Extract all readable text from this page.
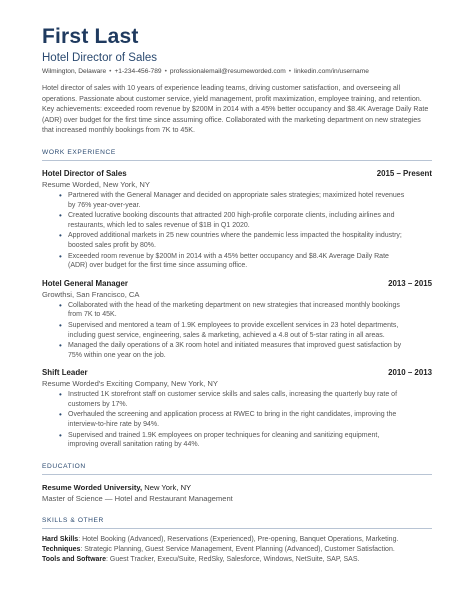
First Last
Hotel Director of Sales
Wilmington, Delaware • +1-234-456-789 • professionalemail@resumeworded.com • linkedin.com/in/username
Hotel director of sales with 10 years of experience leading teams, driving customer satisfaction, and overseeing all operations. Passionate about customer service, yield management, profit maximization, employee training, and retention. Key achievements: exceeded room revenue by $200M in 2014 with a 45% better occupancy and $8.4K Average Daily Rate (ADR) over budget for the first time since assuming office. Collaborated with the marketing department on new strategies that increased monthly bookings from 7K to 45K.
WORK EXPERIENCE
Hotel Director of Sales	2015 – Present
Resume Worded, New York, NY
• Partnered with the General Manager and decided on appropriate sales strategies; maximized hotel revenues by 76% year-over-year.
• Created lucrative booking discounts that attracted 200 high-profile corporate clients, including airlines and restaurants, which led to sales revenue of $1B in Q1 2020.
• Approved additional markets in 25 new countries where the pandemic less impacted the hospitality industry; boosted sales profit by 80%.
• Exceeded room revenue by $200M in 2014 with a 45% better occupancy and $8.4K Average Daily Rate (ADR) over budget for the first time since assuming office.
Hotel General Manager	2013 – 2015
Growthsi, San Francisco, CA
• Collaborated with the head of the marketing department on new strategies that increased monthly bookings from 7K to 45K.
• Supervised and mentored a team of 1.9K employees to provide excellent services in 23 hotel departments, including guest service, engineering, sales & marketing, achieved a 4.8 out of 5-star rating in all areas.
• Managed the daily operations of a 3K room hotel and initiated measures that improved guest satisfaction by 75% within one year on the job.
Shift Leader	2010 – 2013
Resume Worded's Exciting Company, New York, NY
• Instructed 1K storefront staff on customer service skills and sales calls, increasing the quarterly buy rate of customers by 17%.
• Overhauled the screening and application process at RWEC to bring in the right candidates, improving the interview-to-hire rate by 94%.
• Supervised and trained 1.9K employees on proper techniques for cleaning and sanitizing equipment, improving overall sanitation rating by 44%.
EDUCATION
Resume Worded University, New York, NY
Master of Science — Hotel and Restaurant Management
SKILLS & OTHER
Hard Skills: Hotel Booking (Advanced), Reservations (Experienced), Pre-opening, Banquet Operations, Marketing.
Techniques: Strategic Planning, Guest Service Management, Event Planning (Advanced), Customer Satisfaction.
Tools and Software: Guest Tracker, Execu/Suite, RedSky, Salesforce, Windows, NetSuite, SAP, SAS.
